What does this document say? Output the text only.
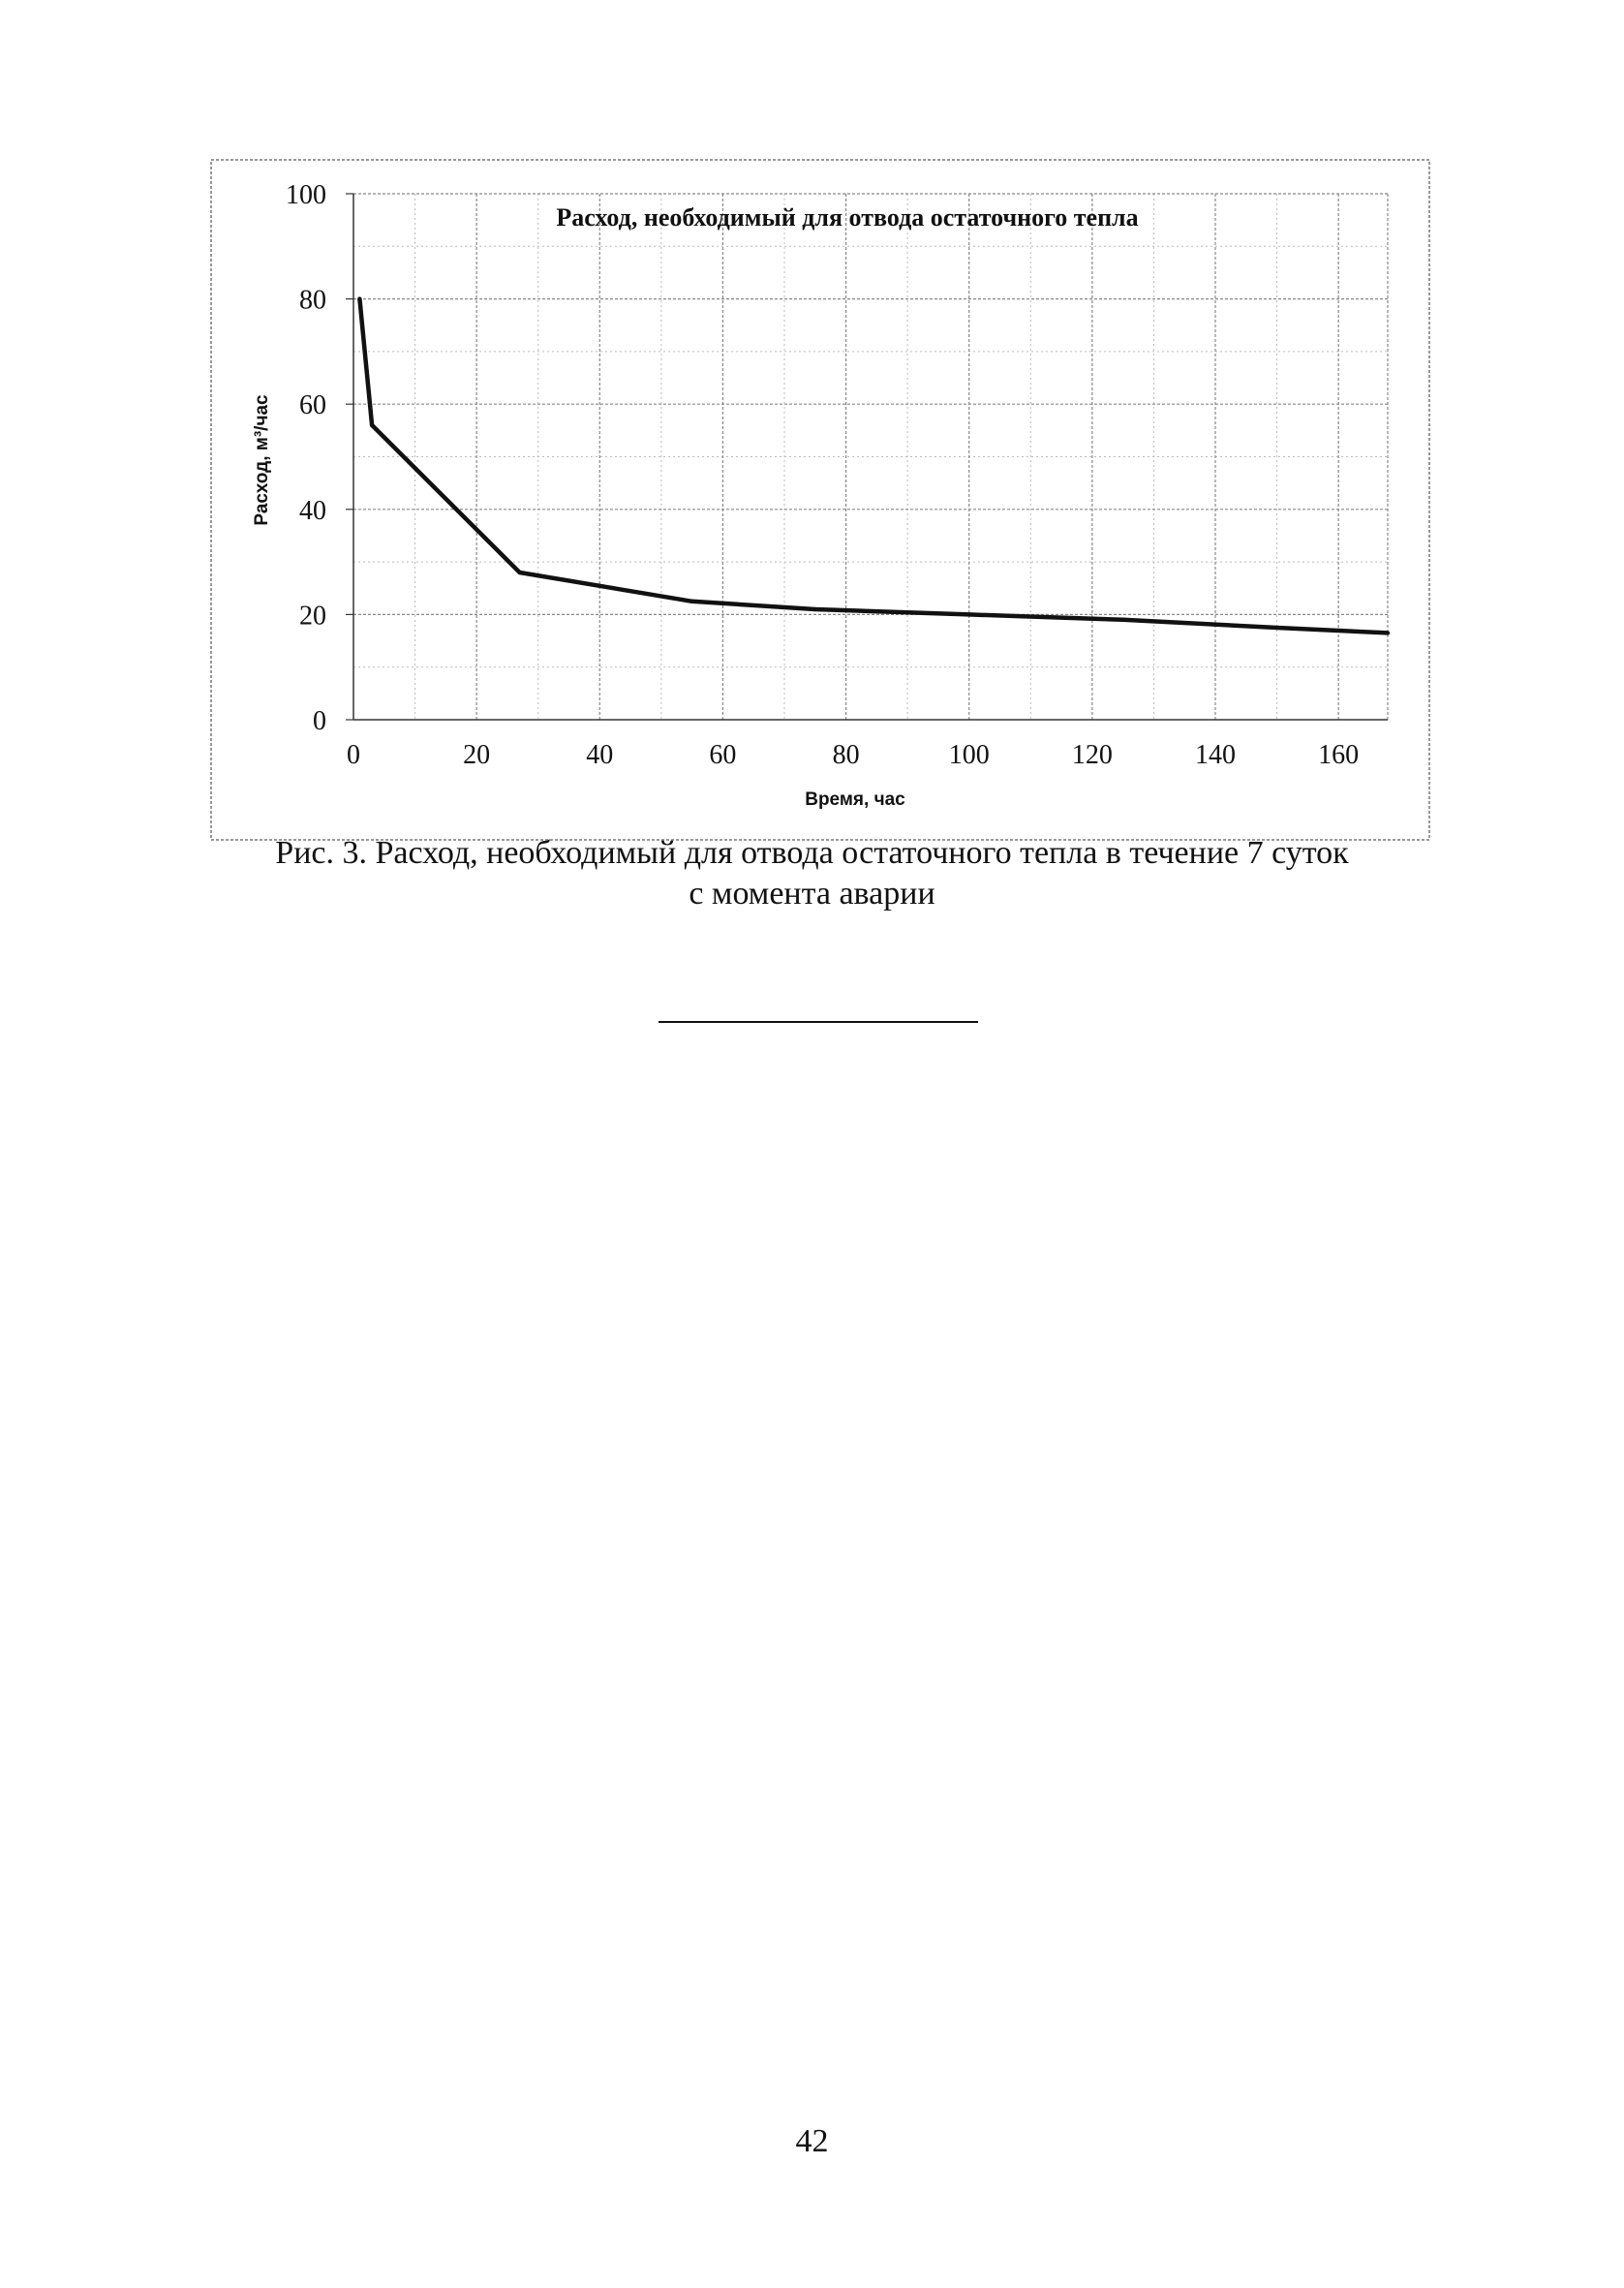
0
20
40
60
80
100
0	20	40	60	80	100	120	140	160
Расход, необходимый для отвода остаточного тепла
Время, час
Расход, м³/час
Рис. 3. Расход, необходимый для отвода остаточного тепла в течение 7 суток
с момента аварии
42
